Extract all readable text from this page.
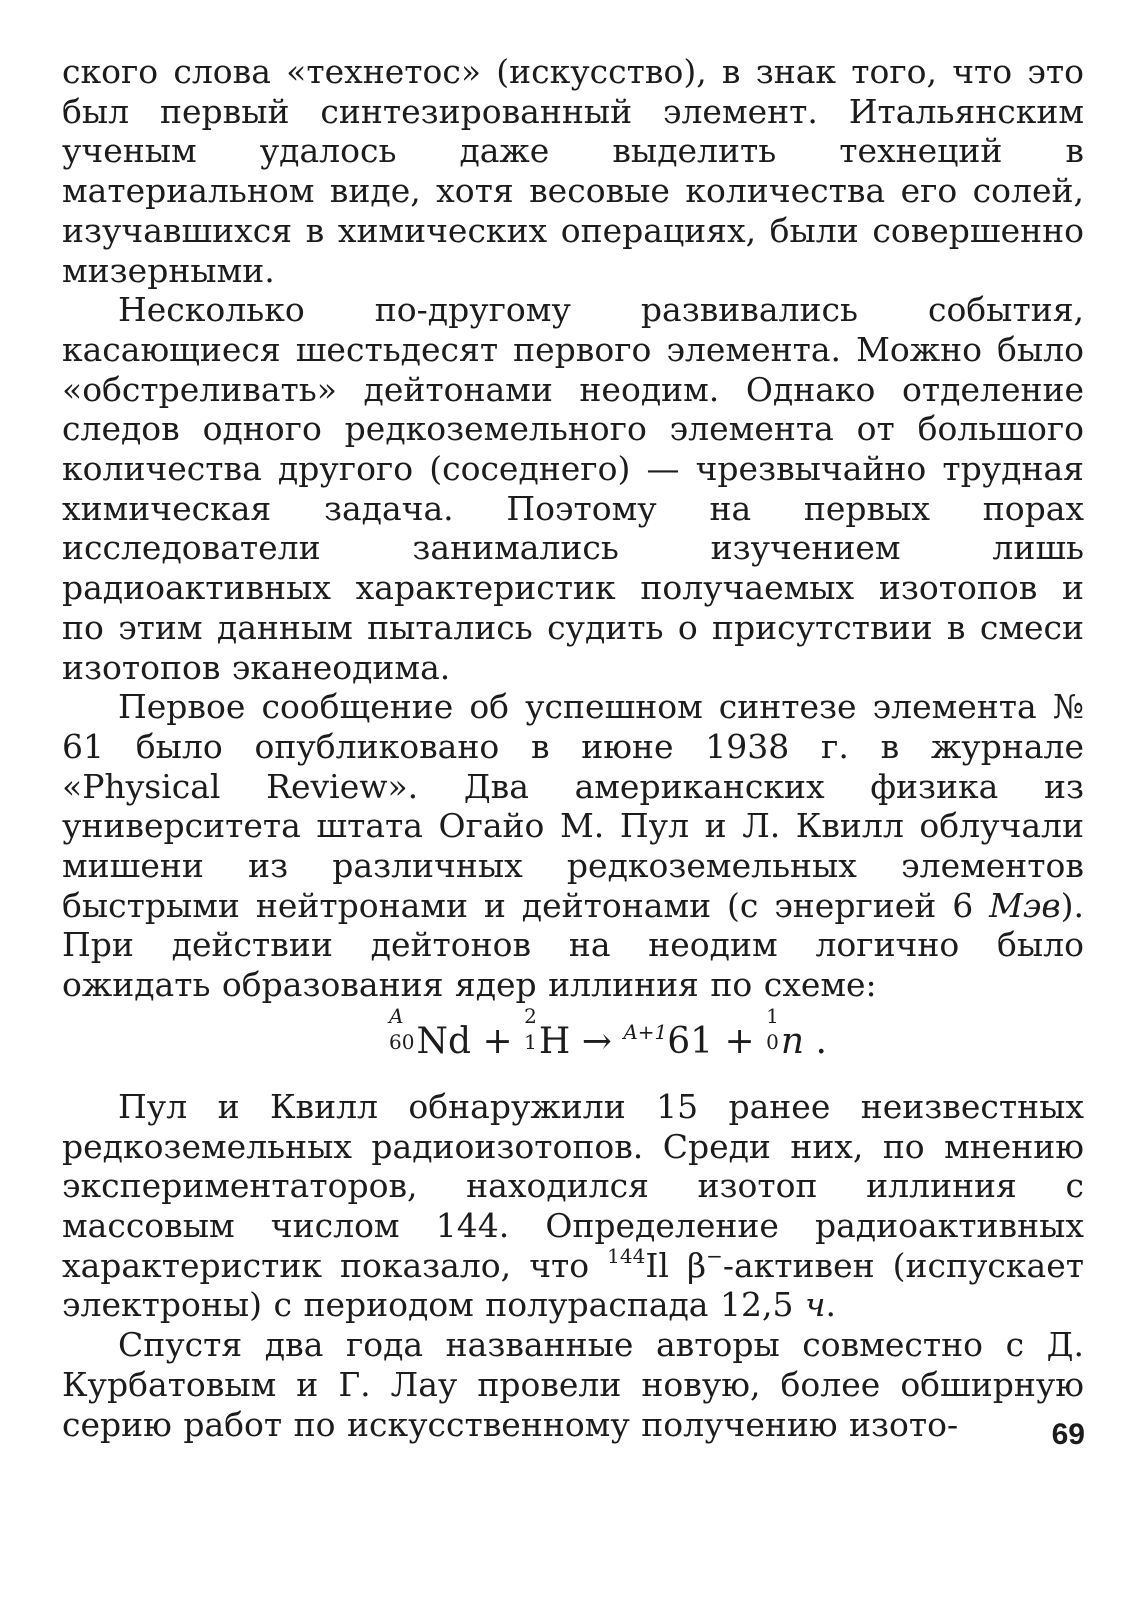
ского слова «технетос» (искусство), в знак того, что это был первый синтезированный элемент. Итальянским ученым удалось даже выделить технеций в материальном виде, хотя весовые количества его солей, изучавшихся в химических операциях, были совершенно мизерными.

Несколько по-другому развивались события, касающиеся шестьдесят первого элемента. Можно было «обстреливать» дейтонами неодим. Однако отделение следов одного редкоземельного элемента от большого количества другого (соседнего) — чрезвычайно трудная химическая задача. Поэтому на первых порах исследователи занимались изучением лишь радиоактивных характеристик получаемых изотопов и по этим данным пытались судить о присутствии в смеси изотопов эканеодима.

Первое сообщение об успешном синтезе элемента № 61 было опубликовано в июне 1938 г. в журнале «Physical Review». Два американских физика из университета штата Огайо М. Пул и Л. Квилл облучали мишени из различных редкоземельных элементов быстрыми нейтронами и дейтонами (с энергией 6 Мэв). При действии дейтонов на неодим логично было ожидать образования ядер иллиния по схеме:

A
60 Nd +
2
1 H → $^{A+1}$61 +
1
0 n .

Пул и Квилл обнаружили 15 ранее неизвестных редкоземельных радиоизотопов. Среди них, по мнению экспериментаторов, находился изотоп иллиния с массовым числом 144. Определение радиоактивных характеристик показало, что $^{144}$Il β−-активен (испускает электроны) с периодом полураспада 12,5 ч.

Спустя два года названные авторы совместно с Д. Курбатовым и Г. Лау провели новую, более обширную серию работ по искусственному получению изото-	69
